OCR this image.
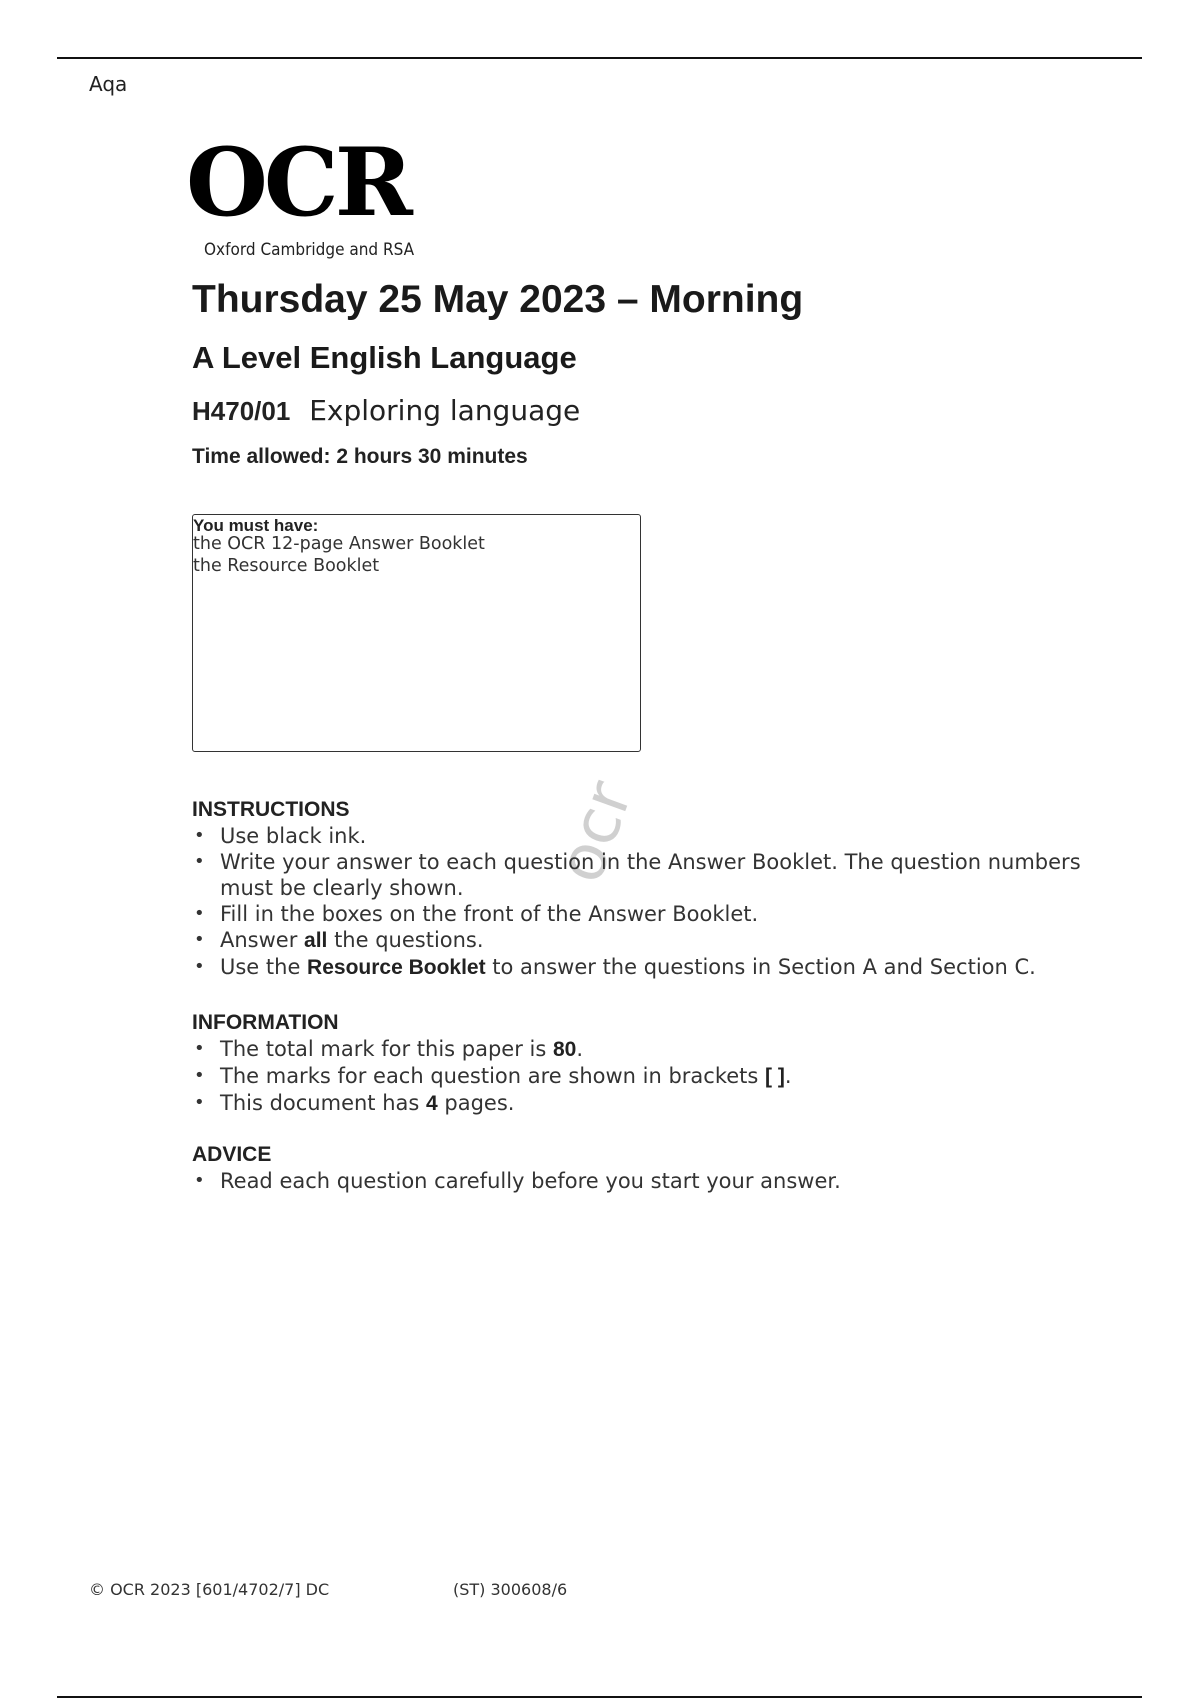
Aqa
OCR
Oxford Cambridge and RSA
Thursday 25 May 2023 – Morning
A Level English Language
H470/01 Exploring language
Time allowed: 2 hours 30 minutes
You must have:
the OCR 12-page Answer Booklet
the Resource Booklet
ocr
INSTRUCTIONS
• Use black ink.
• Write your answer to each question in the Answer Booklet. The question numbers must be clearly shown.
• Fill in the boxes on the front of the Answer Booklet.
• Answer all the questions.
• Use the Resource Booklet to answer the questions in Section A and Section C.
INFORMATION
• The total mark for this paper is 80.
• The marks for each question are shown in brackets [ ].
• This document has 4 pages.
ADVICE
• Read each question carefully before you start your answer.
© OCR 2023 [601/4702/7] DC	(ST) 300608/6
